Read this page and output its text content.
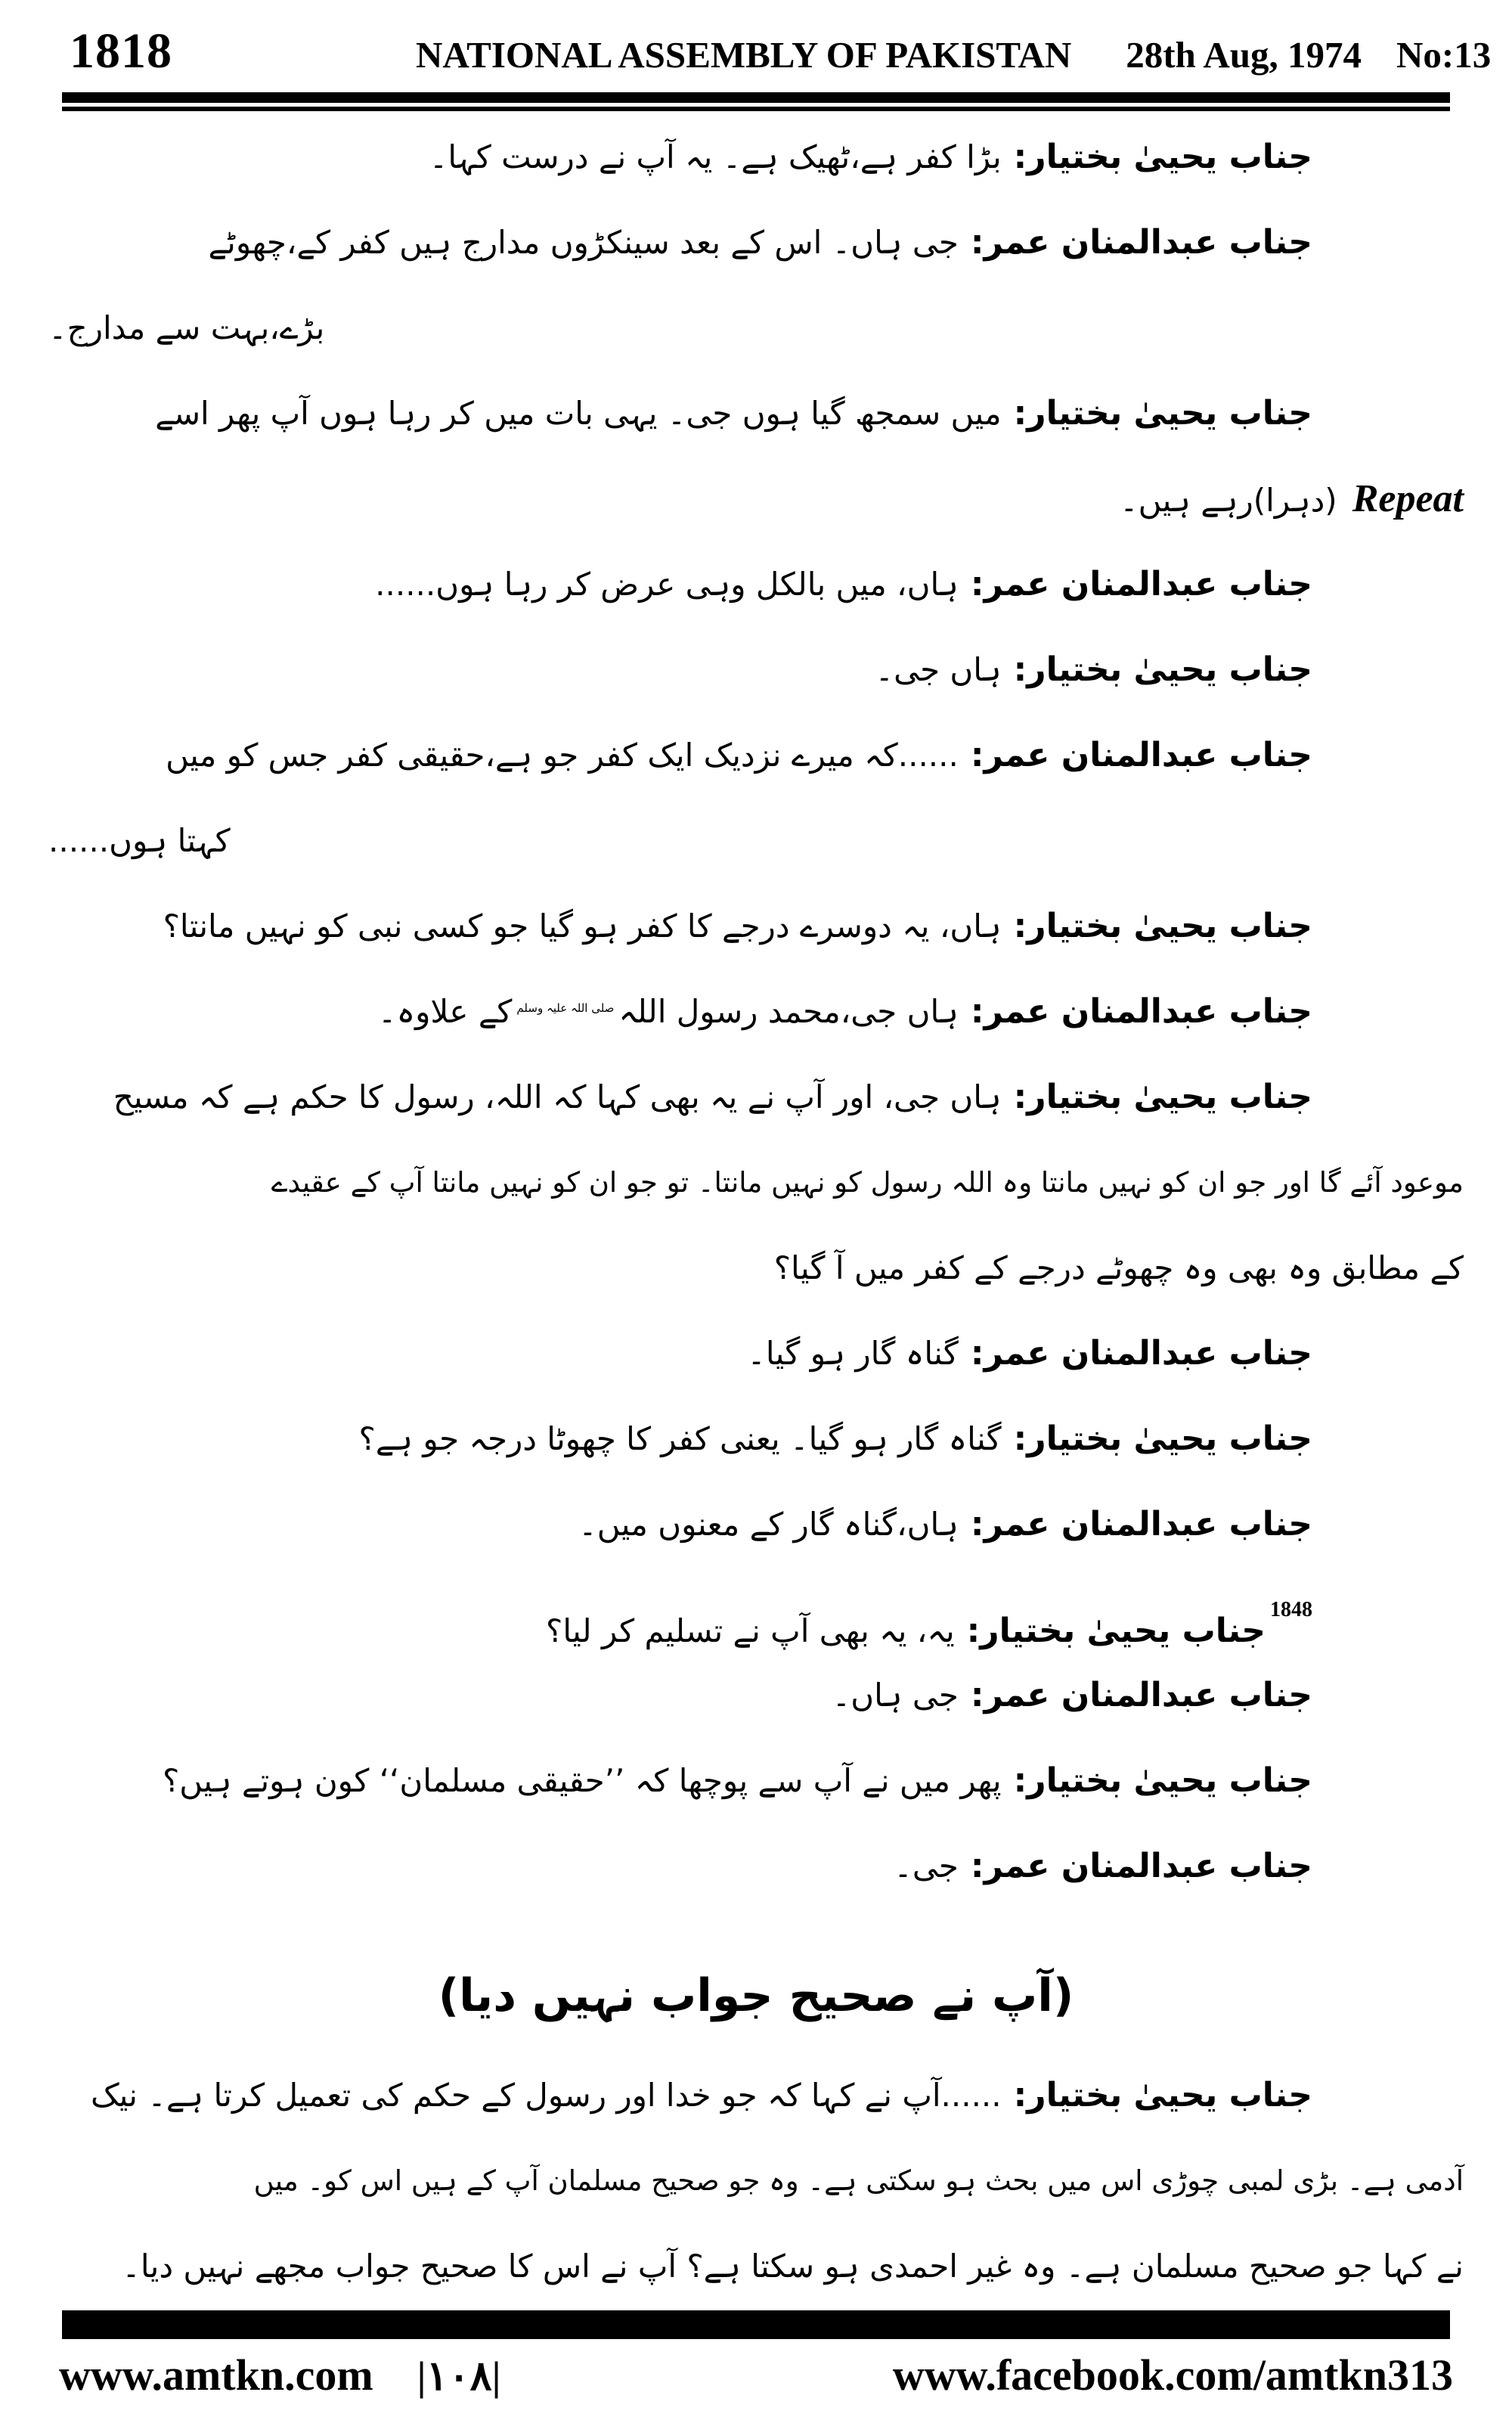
1818	NATIONAL ASSEMBLY OF PAKISTAN 28th Aug, 1974 No:13
جناب یحییٰ بختیار:بڑا کفر ہے،ٹھیک ہے۔ یہ آپ نے درست کہا۔
جناب عبدالمنان عمر:جی ہاں۔ اس کے بعد سینکڑوں مدارج ہیں کفر کے،چھوٹے
بڑے،بہت سے مدارج۔
جناب یحییٰ بختیار:میں سمجھ گیا ہوں جی۔ یہی بات میں کر رہا ہوں آپ پھر اسے
Repeat(دہرا)رہے ہیں۔
جناب عبدالمنان عمر:ہاں، میں بالکل وہی عرض کر رہا ہوں......
جناب یحییٰ بختیار:ہاں جی۔
جناب عبدالمنان عمر:......کہ میرے نزدیک ایک کفر جو ہے،حقیقی کفر جس کو میں
کہتا ہوں......
جناب یحییٰ بختیار:ہاں، یہ دوسرے درجے کا کفر ہو گیا جو کسی نبی کو نہیں مانتا؟
جناب عبدالمنان عمر:ہاں جی،محمد رسول اللہصلی اللہ علیہ وسلمکے علاوہ۔
جناب یحییٰ بختیار:ہاں جی، اور آپ نے یہ بھی کہا کہ اللہ، رسول کا حکم ہے کہ مسیح
موعود آئے گا اور جو ان کو نہیں مانتا وہ اللہ رسول کو نہیں مانتا۔ تو جو ان کو نہیں مانتا آپ کے عقیدے
کے مطابق وہ بھی وہ چھوٹے درجے کے کفر میں آ گیا؟
جناب عبدالمنان عمر:گناہ گار ہو گیا۔
جناب یحییٰ بختیار:گناہ گار ہو گیا۔ یعنی کفر کا چھوٹا درجہ جو ہے؟
جناب عبدالمنان عمر:ہاں،گناہ گار کے معنوں میں۔
$^{1848}$جناب یحییٰ بختیار:یہ، یہ بھی آپ نے تسلیم کر لیا؟
جناب عبدالمنان عمر:جی ہاں۔
جناب یحییٰ بختیار:پھر میں نے آپ سے پوچھا کہ ’’حقیقی مسلمان‘‘ کون ہوتے ہیں؟
جناب عبدالمنان عمر:جی۔
(آپ نے صحیح جواب نہیں دیا)
جناب یحییٰ بختیار:......آپ نے کہا کہ جو خدا اور رسول کے حکم کی تعمیل کرتا ہے۔ نیک
آدمی ہے۔ بڑی لمبی چوڑی اس میں بحث ہو سکتی ہے۔ وہ جو صحیح مسلمان آپ کے ہیں اس کو۔ میں
نے کہا جو صحیح مسلمان ہے۔ وہ غیر احمدی ہو سکتا ہے؟ آپ نے اس کا صحیح جواب مجھے نہیں دیا۔
www.amtkn.com |۱۰۸|	www.facebook.com/amtkn313
